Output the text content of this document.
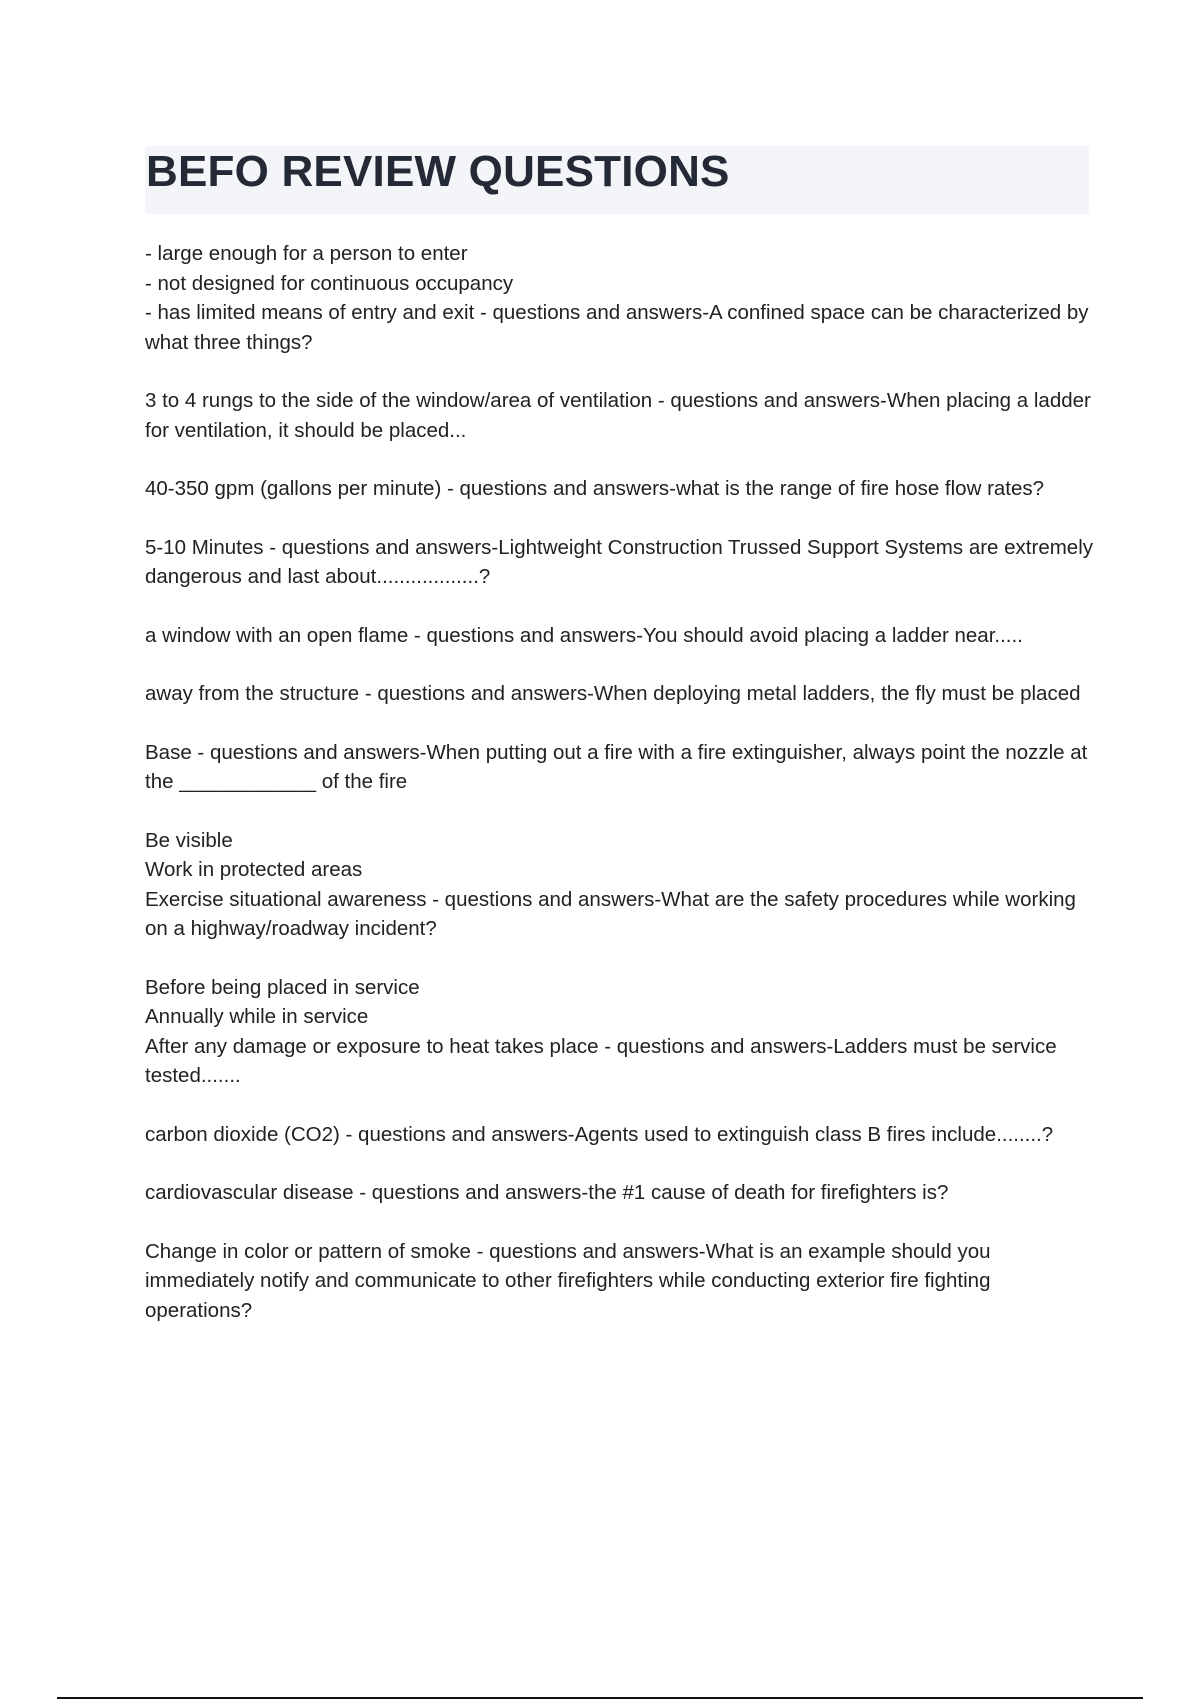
BEFO REVIEW QUESTIONS
- large enough for a person to enter
- not designed for continuous occupancy
- has limited means of entry and exit - questions and answers-A confined space can be characterized by what three things?
3 to 4 rungs to the side of the window/area of ventilation - questions and answers-When placing a ladder for ventilation, it should be placed...
40-350 gpm (gallons per minute) - questions and answers-what is the range of fire hose flow rates?
5-10 Minutes - questions and answers-Lightweight Construction Trussed Support Systems are extremely dangerous and last about..................?
a window with an open flame - questions and answers-You should avoid placing a ladder near.....
away from the structure - questions and answers-When deploying metal ladders, the fly must be placed
Base - questions and answers-When putting out a fire with a fire extinguisher, always point the nozzle at the ____________ of the fire
Be visible
Work in protected areas
Exercise situational awareness - questions and answers-What are the safety procedures while working on a highway/roadway incident?
Before being placed in service
Annually while in service
After any damage or exposure to heat takes place - questions and answers-Ladders must be service tested.......
carbon dioxide (CO2) - questions and answers-Agents used to extinguish class B fires include........?
cardiovascular disease - questions and answers-the #1 cause of death for firefighters is?
Change in color or pattern of smoke - questions and answers-What is an example should you immediately notify and communicate to other firefighters while conducting exterior fire fighting operations?
